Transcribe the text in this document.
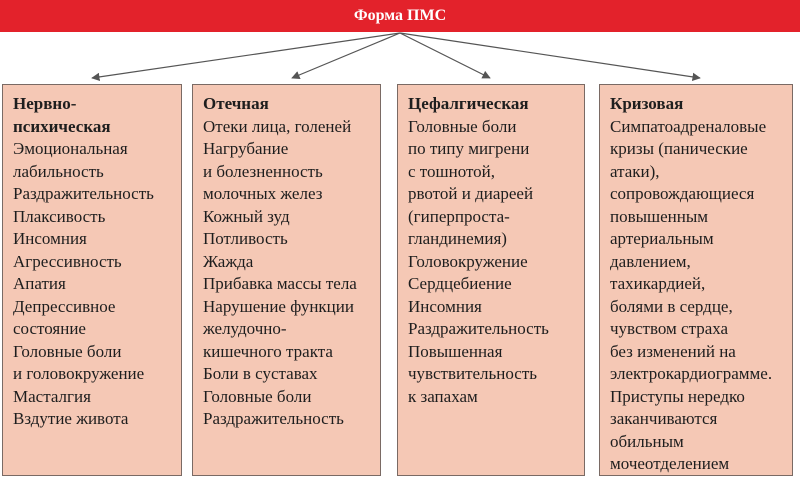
Форма ПМС
Нервно-
психическая
Эмоциональная
лабильность
Раздражительность
Плаксивость
Инсомния
Агрессивность
Апатия
Депрессивное
состояние
Головные боли
и головокружение
Масталгия
Вздутие живота
Отечная
Отеки лица, голеней
Нагрубание
и болезненность
молочных желез
Кожный зуд
Потливость
Жажда
Прибавка массы тела
Нарушение функции
желудочно-
кишечного тракта
Боли в суставах
Головные боли
Раздражительность
Цефалгическая
Головные боли
по типу мигрени
с тошнотой,
рвотой и диареей
(гиперпроста-
гландинемия)
Головокружение
Сердцебиение
Инсомния
Раздражительность
Повышенная
чувствительность
к запахам
Кризовая
Симпатоадреналовые
кризы (панические
атаки),
сопровождающиеся
повышенным
артериальным
давлением,
тахикардией,
болями в сердце,
чувством страха
без изменений на
электрокардиограмме.
Приступы нередко
заканчиваются
обильным
мочеотделением
